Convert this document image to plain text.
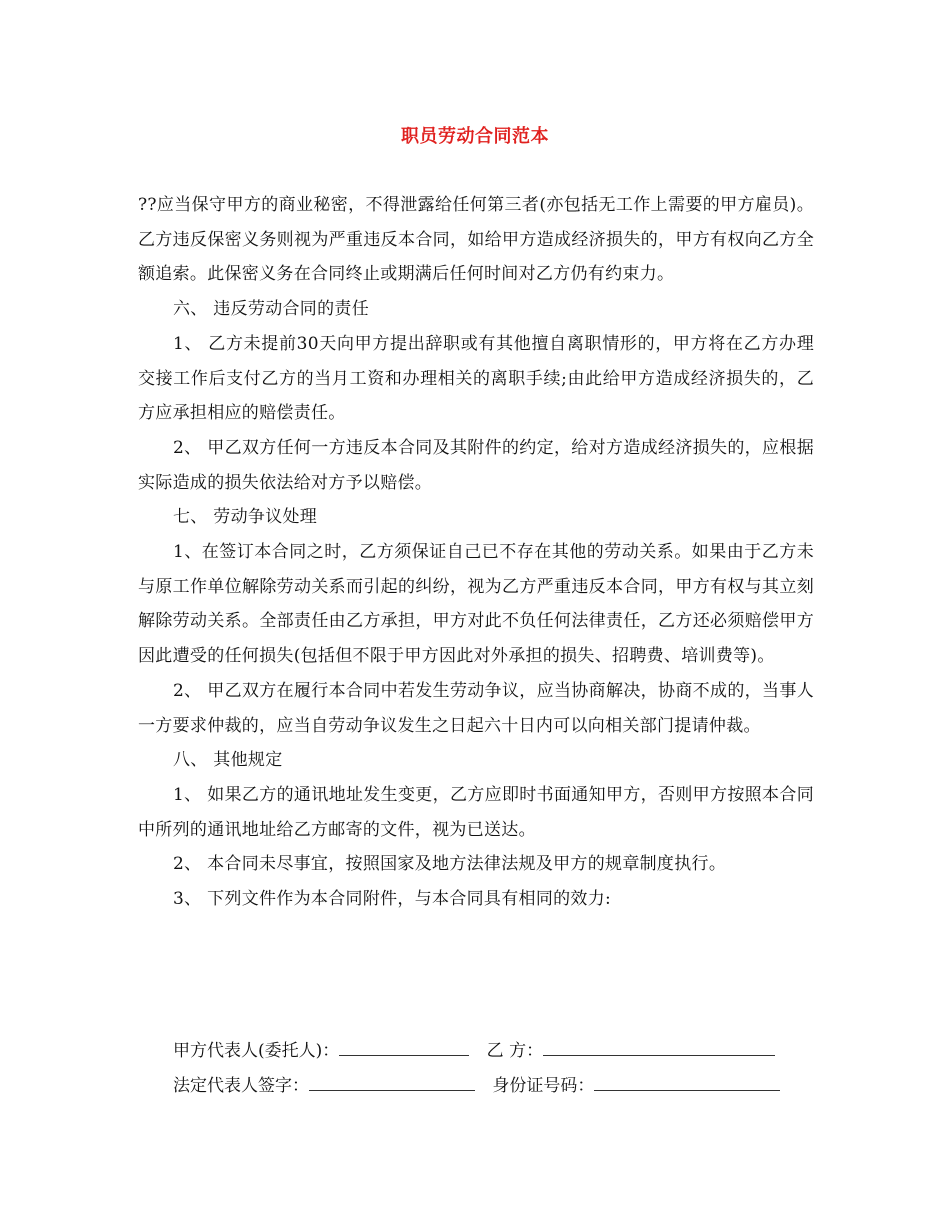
职员劳动合同范本

??应当保守甲方的商业秘密，不得泄露给任何第三者(亦包括无工作上需要的甲方雇员)。乙方违反保密义务则视为严重违反本合同，如给甲方造成经济损失的，甲方有权向乙方全额追索。此保密义务在合同终止或期满后任何时间对乙方仍有约束力。

六、 违反劳动合同的责任

1、 乙方未提前30天向甲方提出辞职或有其他擅自离职情形的，甲方将在乙方办理交接工作后支付乙方的当月工资和办理相关的离职手续;由此给甲方造成经济损失的，乙方应承担相应的赔偿责任。

2、 甲乙双方任何一方违反本合同及其附件的约定，给对方造成经济损失的，应根据实际造成的损失依法给对方予以赔偿。

七、 劳动争议处理

1、在签订本合同之时，乙方须保证自己已不存在其他的劳动关系。如果由于乙方未与原工作单位解除劳动关系而引起的纠纷，视为乙方严重违反本合同，甲方有权与其立刻解除劳动关系。全部责任由乙方承担，甲方对此不负任何法律责任，乙方还必须赔偿甲方因此遭受的任何损失(包括但不限于甲方因此对外承担的损失、招聘费、培训费等)。

2、 甲乙双方在履行本合同中若发生劳动争议，应当协商解决，协商不成的，当事人一方要求仲裁的，应当自劳动争议发生之日起六十日内可以向相关部门提请仲裁。

八、 其他规定

1、 如果乙方的通讯地址发生变更，乙方应即时书面通知甲方，否则甲方按照本合同中所列的通讯地址给乙方邮寄的文件，视为已送达。

2、 本合同未尽事宜，按照国家及地方法律法规及甲方的规章制度执行。

3、 下列文件作为本合同附件，与本合同具有相同的效力:

甲方代表人(委托人)：	乙 方：
法定代表人签字：	身份证号码：
